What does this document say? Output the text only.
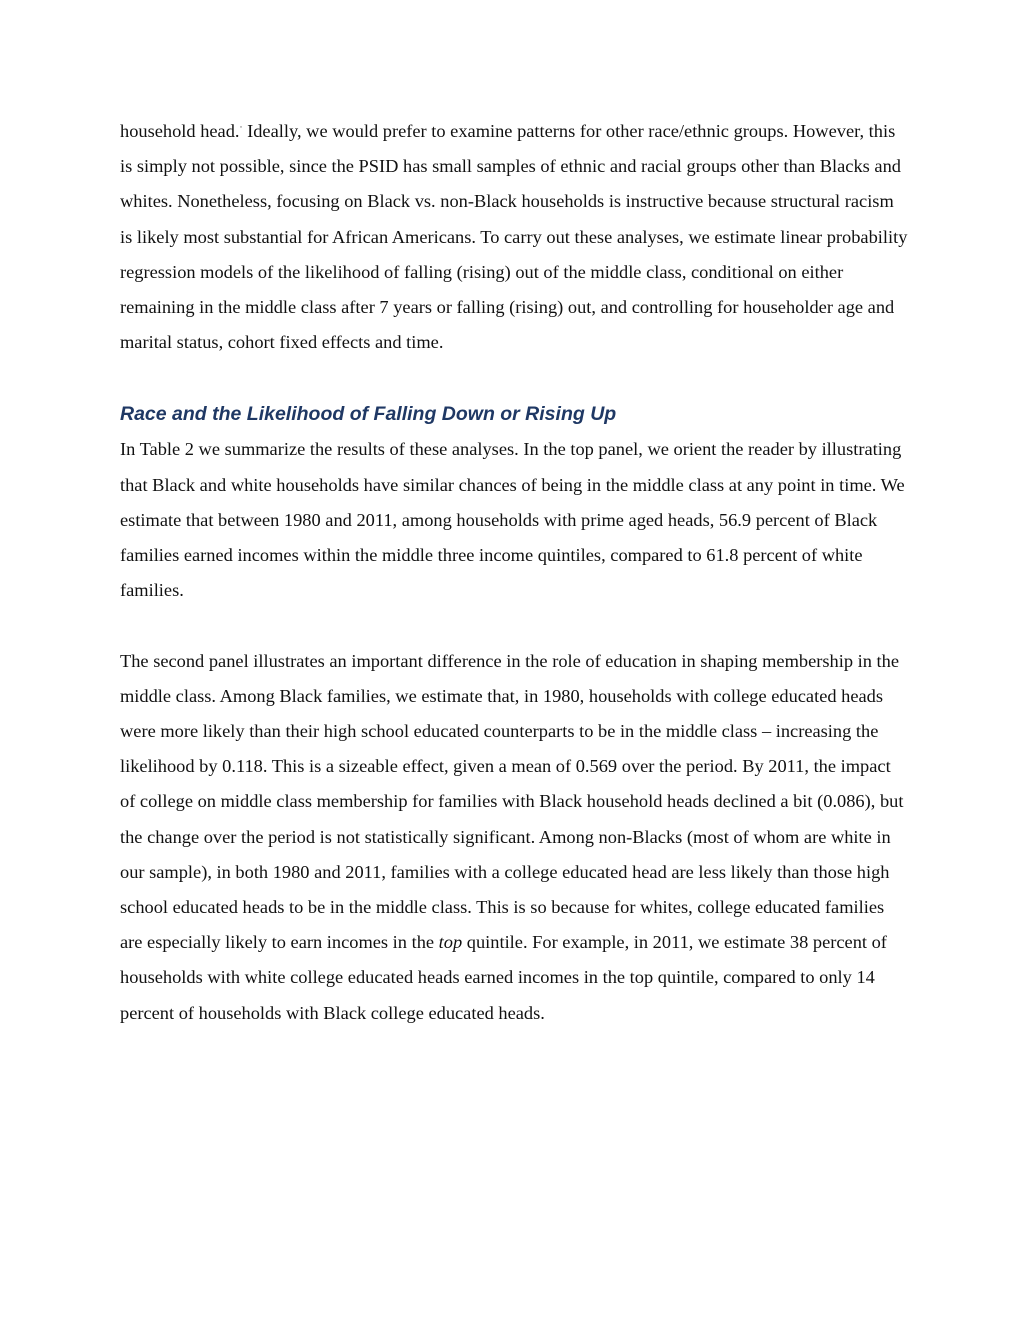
household head.· Ideally, we would prefer to examine patterns for other race/ethnic groups. However, this is simply not possible, since the PSID has small samples of ethnic and racial groups other than Blacks and whites. Nonetheless, focusing on Black vs. non-Black households is instructive because structural racism is likely most substantial for African Americans. To carry out these analyses, we estimate linear probability regression models of the likelihood of falling (rising) out of the middle class, conditional on either remaining in the middle class after 7 years or falling (rising) out, and controlling for householder age and marital status, cohort fixed effects and time.

Race and the Likelihood of Falling Down or Rising Up

In Table 2 we summarize the results of these analyses. In the top panel, we orient the reader by illustrating that Black and white households have similar chances of being in the middle class at any point in time. We estimate that between 1980 and 2011, among households with prime aged heads, 56.9 percent of Black families earned incomes within the middle three income quintiles, compared to 61.8 percent of white families.

The second panel illustrates an important difference in the role of education in shaping membership in the middle class. Among Black families, we estimate that, in 1980, households with college educated heads were more likely than their high school educated counterparts to be in the middle class – increasing the likelihood by 0.118. This is a sizeable effect, given a mean of 0.569 over the period. By 2011, the impact of college on middle class membership for families with Black household heads declined a bit (0.086), but the change over the period is not statistically significant. Among non-Blacks (most of whom are white in our sample), in both 1980 and 2011, families with a college educated head are less likely than those high school educated heads to be in the middle class. This is so because for whites, college educated families are especially likely to earn incomes in the top quintile. For example, in 2011, we estimate 38 percent of households with white college educated heads earned incomes in the top quintile, compared to only 14 percent of households with Black college educated heads.
